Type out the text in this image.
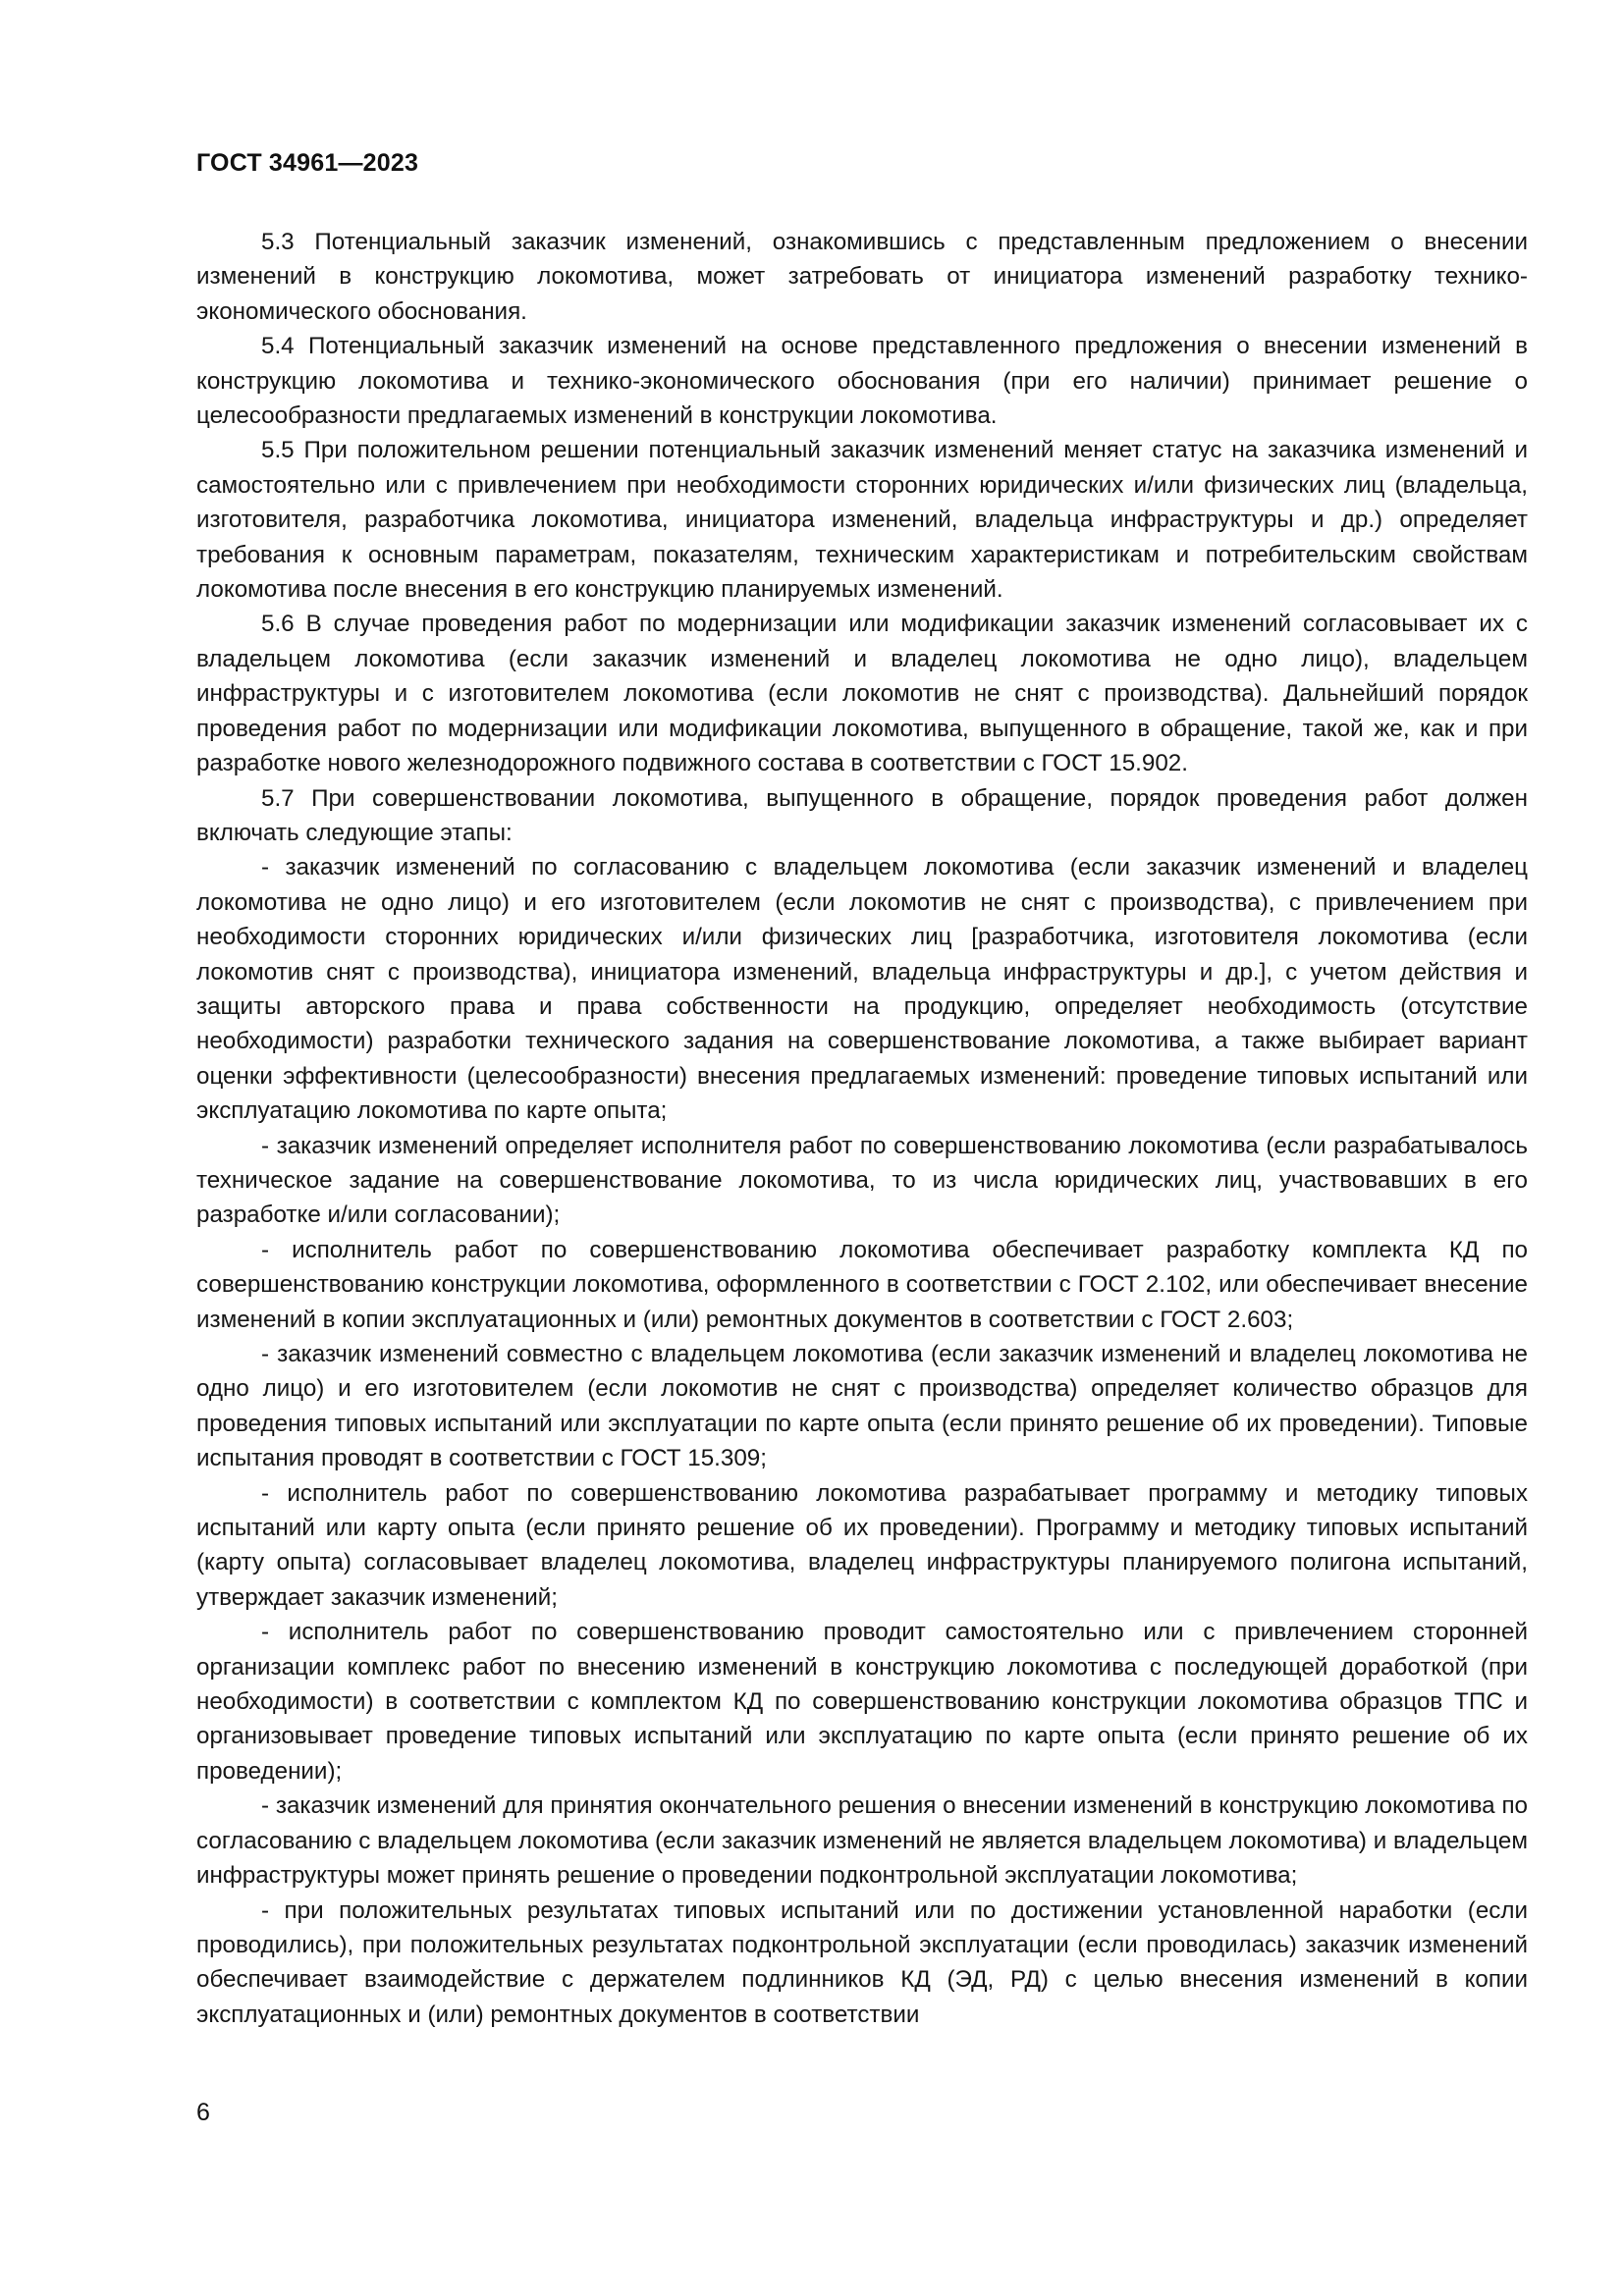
ГОСТ 34961—2023

5.3 Потенциальный заказчик изменений, ознакомившись с представленным предложением о внесении изменений в конструкцию локомотива, может затребовать от инициатора изменений разработку технико-экономического обоснования.

5.4 Потенциальный заказчик изменений на основе представленного предложения о внесении изменений в конструкцию локомотива и технико-экономического обоснования (при его наличии) принимает решение о целесообразности предлагаемых изменений в конструкции локомотива.

5.5 При положительном решении потенциальный заказчик изменений меняет статус на заказчика изменений и самостоятельно или с привлечением при необходимости сторонних юридических и/или физических лиц (владельца, изготовителя, разработчика локомотива, инициатора изменений, владельца инфраструктуры и др.) определяет требования к основным параметрам, показателям, техническим характеристикам и потребительским свойствам локомотива после внесения в его конструкцию планируемых изменений.

5.6 В случае проведения работ по модернизации или модификации заказчик изменений согласовывает их с владельцем локомотива (если заказчик изменений и владелец локомотива не одно лицо), владельцем инфраструктуры и с изготовителем локомотива (если локомотив не снят с производства). Дальнейший порядок проведения работ по модернизации или модификации локомотива, выпущенного в обращение, такой же, как и при разработке нового железнодорожного подвижного состава в соответствии с ГОСТ 15.902.

5.7 При совершенствовании локомотива, выпущенного в обращение, порядок проведения работ должен включать следующие этапы:

- заказчик изменений по согласованию с владельцем локомотива (если заказчик изменений и владелец локомотива не одно лицо) и его изготовителем (если локомотив не снят с производства), с привлечением при необходимости сторонних юридических и/или физических лиц [разработчика, изготовителя локомотива (если локомотив снят с производства), инициатора изменений, владельца инфраструктуры и др.], с учетом действия и защиты авторского права и права собственности на продукцию, определяет необходимость (отсутствие необходимости) разработки технического задания на совершенствование локомотива, а также выбирает вариант оценки эффективности (целесообразности) внесения предлагаемых изменений: проведение типовых испытаний или эксплуатацию локомотива по карте опыта;

- заказчик изменений определяет исполнителя работ по совершенствованию локомотива (если разрабатывалось техническое задание на совершенствование локомотива, то из числа юридических лиц, участвовавших в его разработке и/или согласовании);

- исполнитель работ по совершенствованию локомотива обеспечивает разработку комплекта КД по совершенствованию конструкции локомотива, оформленного в соответствии с ГОСТ 2.102, или обеспечивает внесение изменений в копии эксплуатационных и (или) ремонтных документов в соответствии с ГОСТ 2.603;

- заказчик изменений совместно с владельцем локомотива (если заказчик изменений и владелец локомотива не одно лицо) и его изготовителем (если локомотив не снят с производства) определяет количество образцов для проведения типовых испытаний или эксплуатации по карте опыта (если принято решение об их проведении). Типовые испытания проводят в соответствии с ГОСТ 15.309;

- исполнитель работ по совершенствованию локомотива разрабатывает программу и методику типовых испытаний или карту опыта (если принято решение об их проведении). Программу и методику типовых испытаний (карту опыта) согласовывает владелец локомотива, владелец инфраструктуры планируемого полигона испытаний, утверждает заказчик изменений;

- исполнитель работ по совершенствованию проводит самостоятельно или с привлечением сторонней организации комплекс работ по внесению изменений в конструкцию локомотива с последующей доработкой (при необходимости) в соответствии с комплектом КД по совершенствованию конструкции локомотива образцов ТПС и организовывает проведение типовых испытаний или эксплуатацию по карте опыта (если принято решение об их проведении);

- заказчик изменений для принятия окончательного решения о внесении изменений в конструкцию локомотива по согласованию с владельцем локомотива (если заказчик изменений не является владельцем локомотива) и владельцем инфраструктуры может принять решение о проведении подконтрольной эксплуатации локомотива;

- при положительных результатах типовых испытаний или по достижении установленной наработки (если проводились), при положительных результатах подконтрольной эксплуатации (если проводилась) заказчик изменений обеспечивает взаимодействие с держателем подлинников КД (ЭД, РД) с целью внесения изменений в копии эксплуатационных и (или) ремонтных документов в соответствии

6
